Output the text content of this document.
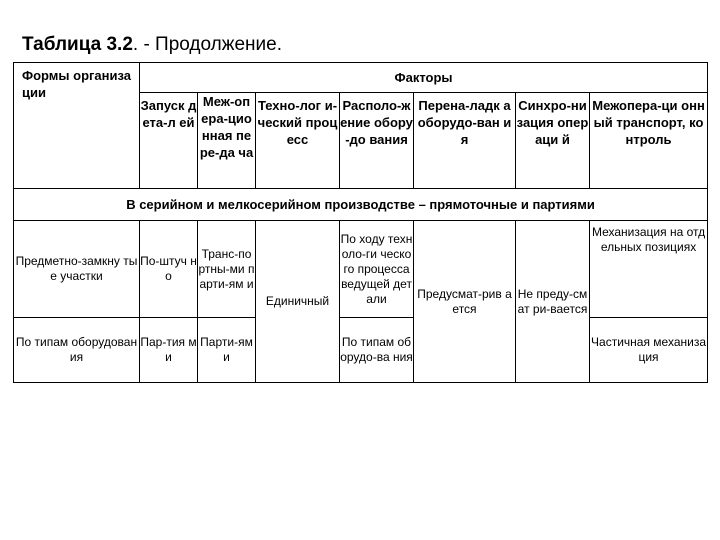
Таблица 3.2. - Продолжение.
Формы организации	Факторы						
	Запуск дета-л ей	Меж-оп ера-цио нная пере-да ча	Техно-лог и-ческий процесс	Располо-жение обору-до вания	Перена-ладк а оборудо-ван ия	Синхро-низация операци й	Межопера-ци онный транспорт, контроль
В серийном и мелкосерийном производстве – прямоточные и партиями							
Предметно-замкну тые участки	По-штуч но	Транс-по ртны-ми парти-ям и	Единичный	По ходу техноло-ги ческого процесса ведущей детали	Предусмат-рив ается	Не преду-смат ри-вается	Механизация на отдельных позициях
По типам оборудования	Пар-тия ми	Парти-ям и		По типам оборудо-ва ния			Частичная механизация
